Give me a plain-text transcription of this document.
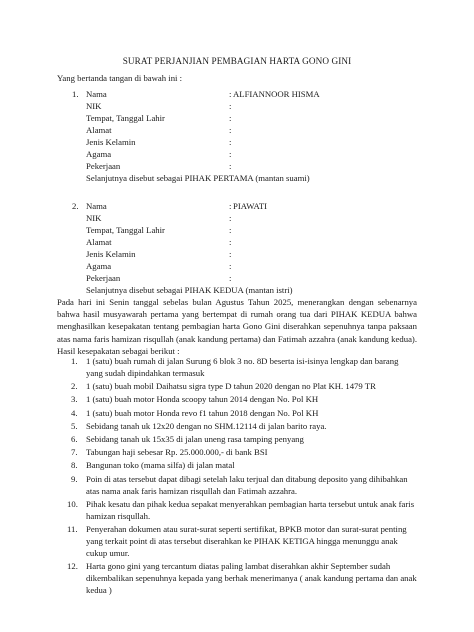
SURAT PERJANJIAN PEMBAGIAN HARTA GONO GINI
Yang bertanda tangan di bawah ini :
1. Nama	: ALFIANNOOR HISMA
NIK	:
Tempat, Tanggal Lahir	:
Alamat	:
Jenis Kelamin	:
Agama	:
Pekerjaan	:
Selanjutnya disebut sebagai PIHAK PERTAMA (mantan suami)
2. Nama	: PIAWATI
NIK	:
Tempat, Tanggal Lahir	:
Alamat	:
Jenis Kelamin	:
Agama	:
Pekerjaan	:
Selanjutnya disebut sebagai PIHAK KEDUA (mantan istri)
Pada hari ini Senin tanggal sebelas bulan Agustus Tahun 2025, menerangkan dengan sebenarnya bahwa hasil musyawarah pertama yang bertempat di rumah orang tua dari PIHAK KEDUA bahwa menghasilkan kesepakatan tentang pembagian harta Gono Gini diserahkan sepenuhnya tanpa paksaan atas nama faris hamizan risqullah (anak kandung pertama) dan Fatimah azzahra (anak kandung kedua). Hasil kesepakatan sebagai berikut :
1. 1 (satu) buah rumah di jalan Surung 6 blok 3 no. 8D beserta isi-isinya lengkap dan barang yang sudah dipindahkan termasuk
2. 1 (satu) buah mobil Daihatsu sigra type D tahun 2020 dengan no Plat KH. 1479 TR
3. 1 (satu) buah motor Honda scoopy tahun 2014 dengan No. Pol KH
4. 1 (satu) buah motor Honda revo f1 tahun 2018 dengan No. Pol KH
5. Sebidang tanah uk 12x20 dengan no SHM.12114 di jalan barito raya.
6. Sebidang tanah uk 15x35 di jalan uneng rasa tamping penyang
7. Tabungan haji sebesar Rp. 25.000.000,- di bank BSI
8. Bangunan toko (mama silfa) di jalan matal
9. Poin di atas tersebut dapat dibagi setelah laku terjual dan ditabung deposito yang dihibahkan atas nama anak faris hamizan risqullah dan Fatimah azzahra.
10. Pihak kesatu dan pihak kedua sepakat menyerahkan pembagian harta tersebut untuk anak faris hamizan risqullah.
11. Penyerahan dokumen atau surat-surat seperti sertifikat, BPKB motor dan surat-surat penting yang terkait point di atas tersebut diserahkan ke PIHAK KETIGA hingga menunggu anak cukup umur.
12. Harta gono gini yang tercantum diatas paling lambat diserahkan akhir September sudah dikembalikan sepenuhnya kepada yang berhak menerimanya ( anak kandung pertama dan anak kedua )
